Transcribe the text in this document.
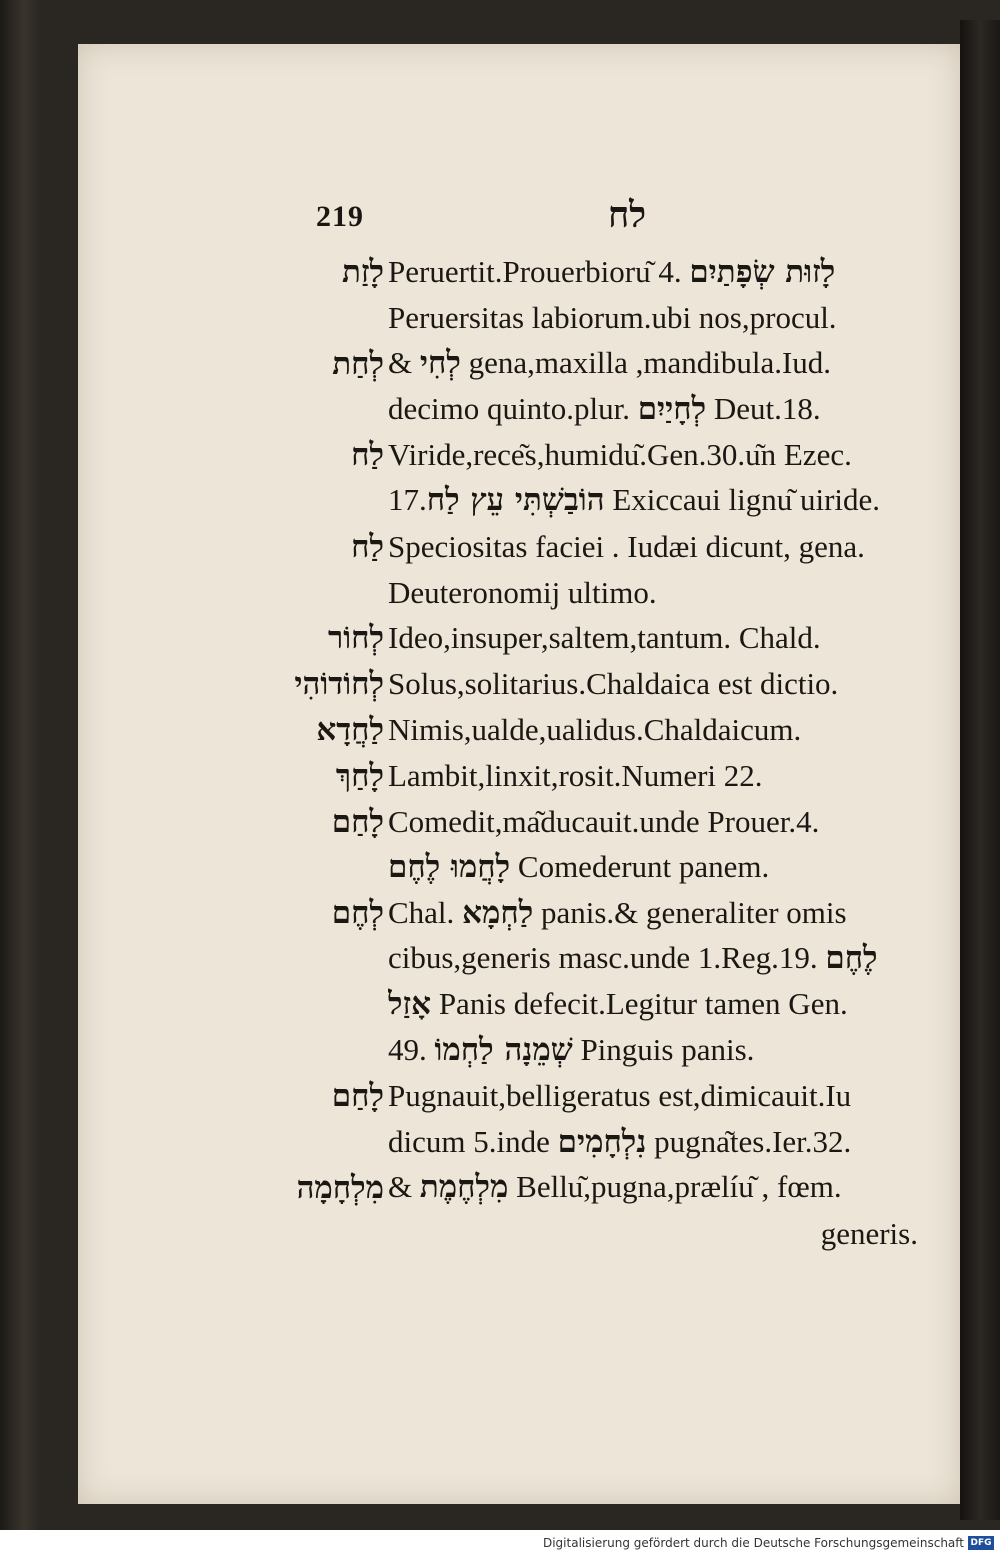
219	לח
לָזַת Peruertit.Prouerbioru͂ 4. לָזוּת שְׂפָתַיִם
Peruersitas labiorum.ubi nos,procul.
לְחַת & לְחִי gena,maxilla ,mandibula.Iud.
decimo quinto.plur. לְחָיַיִם Deut.18.
לַח Viride,rece͂s,humidu͂.Gen.30.u͂n Ezec.
17.הוֹבַשְׁתִּי עֵץ לַח Exiccaui lignu͂ uiride.
לַח Speciositas faciei . Iudæi dicunt, gena.
Deuteronomij ultimo.
לְחוֹר Ideo,insuper,saltem,tantum. Chald.
לְחוֹדוֹהִי Solus,solitarius.Chaldaica est dictio.
לַחֲדָא Nimis,ualde,ualidus.Chaldaicum.
לָחַךְ Lambit,linxit,rosit.Numeri 22.
לָחַם Comedit,ma͂ducauit.unde Prouer.4.
לָחֲמוּ לֶחֶם Comederunt panem.
לְחֶם Chal. לַחְמָא panis.& generaliter omis
cibus,generis masc.unde 1.Reg.19. לֶחֶם
אָזַל Panis defecit.Legitur tamen Gen.
49. שְׁמֵנָה לַחְמוֹ Pinguis panis.
לָחַם Pugnauit,belligeratus est,dimicauit.Iu
dicum 5.inde נִלְחָמִים pugna͂tes.Ier.32.
מִלְחָמָה & מִלְחֶמֶת Bellu͂,pugna,prælíu͂ , fœm.
generis.
Digitalisierung gefördert durch die Deutsche Forschungsgemeinschaft DFG
